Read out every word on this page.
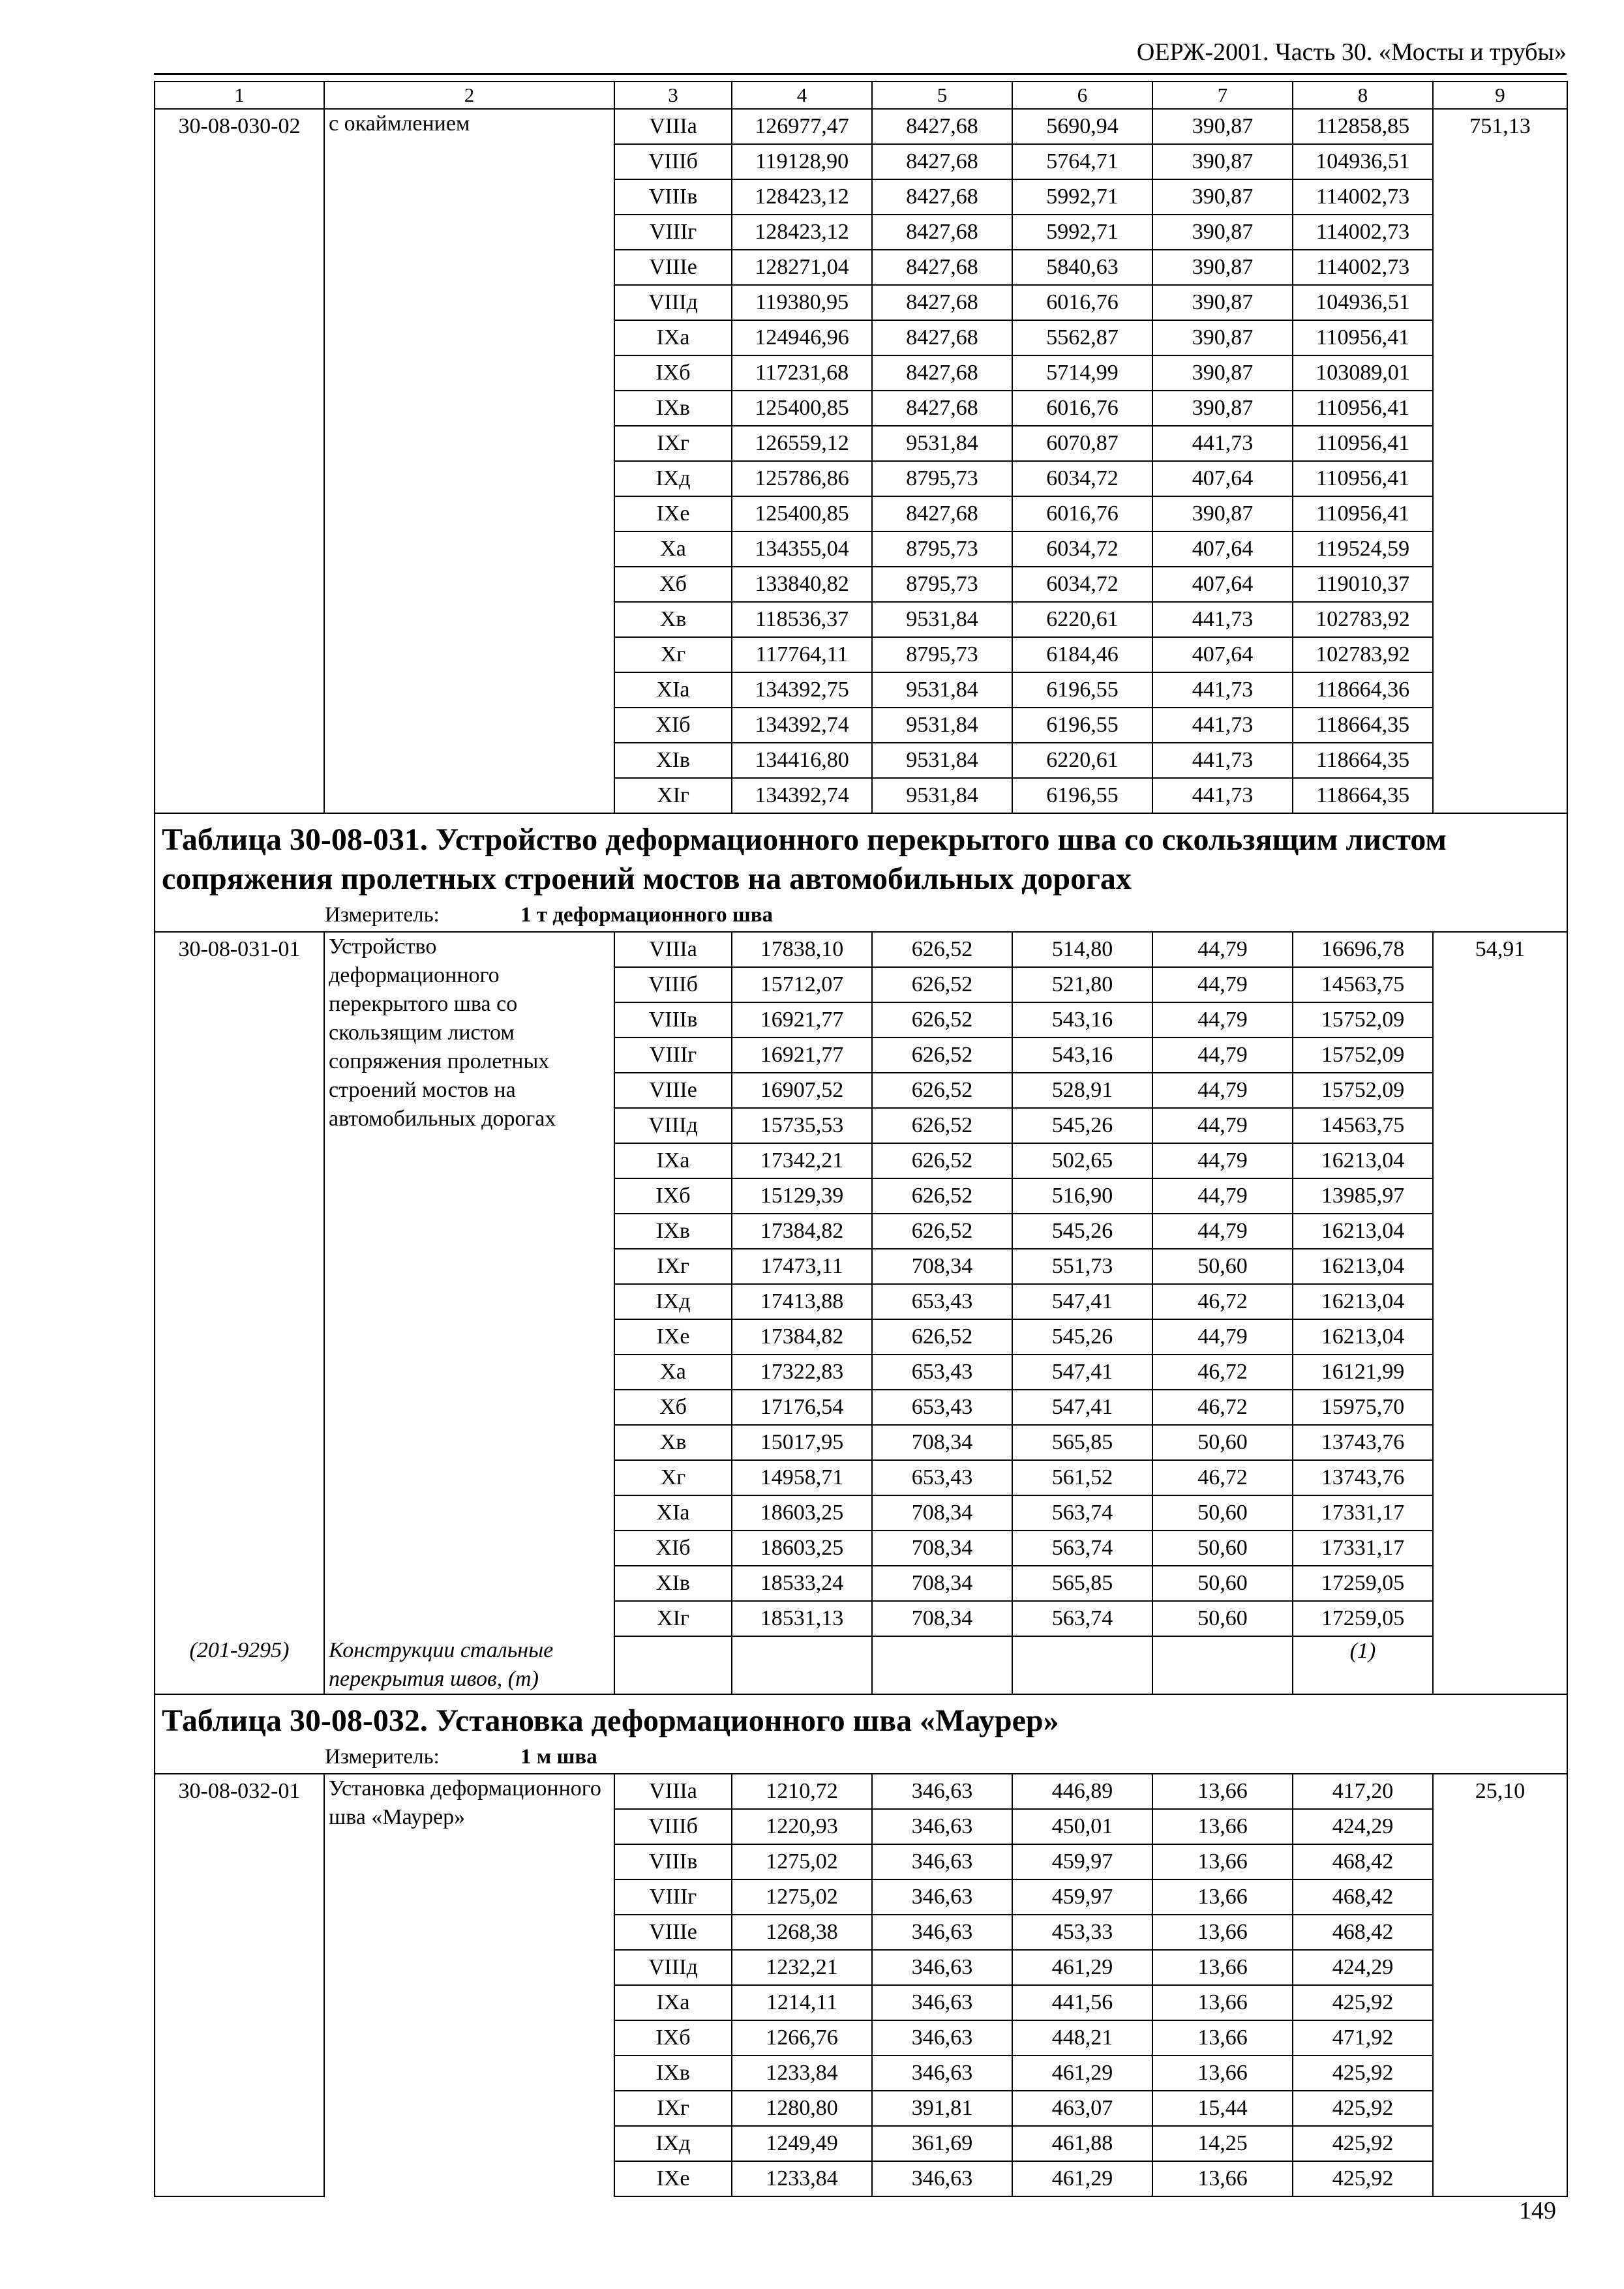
ОЕРЖ-2001. Часть 30. «Мосты и трубы»
1	2	3	4	5	6	7	8	9
30-08-030-02	с окаймлением	VIIIа	126977,47	8427,68	5690,94	390,87	112858,85	751,13
		VIIIб	119128,90	8427,68	5764,71	390,87	104936,51	
		VIIIв	128423,12	8427,68	5992,71	390,87	114002,73	
		VIIIг	128423,12	8427,68	5992,71	390,87	114002,73	
		VIIIе	128271,04	8427,68	5840,63	390,87	114002,73	
		VIIIд	119380,95	8427,68	6016,76	390,87	104936,51	
		IXа	124946,96	8427,68	5562,87	390,87	110956,41	
		IXб	117231,68	8427,68	5714,99	390,87	103089,01	
		IXв	125400,85	8427,68	6016,76	390,87	110956,41	
		IXг	126559,12	9531,84	6070,87	441,73	110956,41	
		IXд	125786,86	8795,73	6034,72	407,64	110956,41	
		IXе	125400,85	8427,68	6016,76	390,87	110956,41	
		Xа	134355,04	8795,73	6034,72	407,64	119524,59	
		Xб	133840,82	8795,73	6034,72	407,64	119010,37	
		Xв	118536,37	9531,84	6220,61	441,73	102783,92	
		Xг	117764,11	8795,73	6184,46	407,64	102783,92	
		XIа	134392,75	9531,84	6196,55	441,73	118664,36	
		XIб	134392,74	9531,84	6196,55	441,73	118664,35	
		XIв	134416,80	9531,84	6220,61	441,73	118664,35	
		XIг	134392,74	9531,84	6196,55	441,73	118664,35	

Таблица 30-08-031. Устройство деформационного перекрытого шва со скользящим листом сопряжения пролетных строений мостов на автомобильных дорогах
Измеритель: 1 т деформационного шва								

30-08-031-01	Устройство деформационного перекрытого шва со скользящим листом сопряжения пролетных строений мостов на автомобильных дорогах	VIIIа	17838,10	626,52	514,80	44,79	16696,78	54,91
		VIIIб	15712,07	626,52	521,80	44,79	14563,75	
		VIIIв	16921,77	626,52	543,16	44,79	15752,09	
		VIIIг	16921,77	626,52	543,16	44,79	15752,09	
		VIIIе	16907,52	626,52	528,91	44,79	15752,09	
		VIIIд	15735,53	626,52	545,26	44,79	14563,75	
		IXа	17342,21	626,52	502,65	44,79	16213,04	
		IXб	15129,39	626,52	516,90	44,79	13985,97	
		IXв	17384,82	626,52	545,26	44,79	16213,04	
		IXг	17473,11	708,34	551,73	50,60	16213,04	
		IXд	17413,88	653,43	547,41	46,72	16213,04	
		IXе	17384,82	626,52	545,26	44,79	16213,04	
		Xа	17322,83	653,43	547,41	46,72	16121,99	
		Xб	17176,54	653,43	547,41	46,72	15975,70	
		Xв	15017,95	708,34	565,85	50,60	13743,76	
		Xг	14958,71	653,43	561,52	46,72	13743,76	
		XIа	18603,25	708,34	563,74	50,60	17331,17	
		XIб	18603,25	708,34	563,74	50,60	17331,17	
		XIв	18533,24	708,34	565,85	50,60	17259,05	
		XIг	18531,13	708,34	563,74	50,60	17259,05	
(201-9295)	Конструкции стальные перекрытия швов, (т)						(1)	

Таблица 30-08-032. Установка деформационного шва «Маурер»
Измеритель: 1 м шва								

30-08-032-01	Установка деформационного шва «Маурер»	VIIIа	1210,72	346,63	446,89	13,66	417,20	25,10
		VIIIб	1220,93	346,63	450,01	13,66	424,29	
		VIIIв	1275,02	346,63	459,97	13,66	468,42	
		VIIIг	1275,02	346,63	459,97	13,66	468,42	
		VIIIе	1268,38	346,63	453,33	13,66	468,42	
		VIIIд	1232,21	346,63	461,29	13,66	424,29	
		IXа	1214,11	346,63	441,56	13,66	425,92	
		IXб	1266,76	346,63	448,21	13,66	471,92	
		IXв	1233,84	346,63	461,29	13,66	425,92	
		IXг	1280,80	391,81	463,07	15,44	425,92	
		IXд	1249,49	361,69	461,88	14,25	425,92	
		IXе	1233,84	346,63	461,29	13,66	425,92	
149
